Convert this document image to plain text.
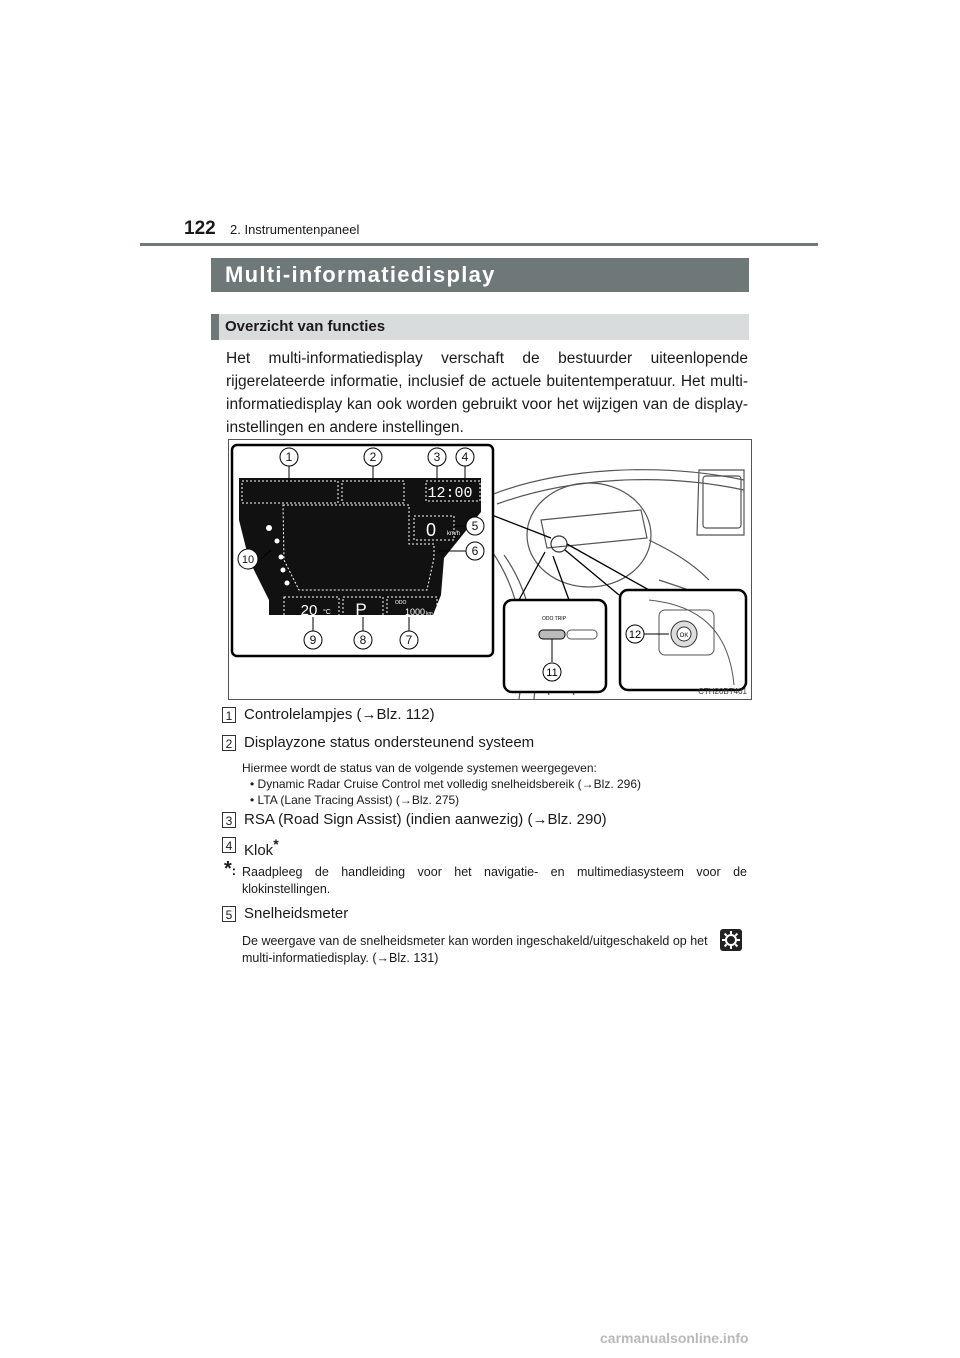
122 2. Instrumentenpaneel
Multi-informatiedisplay
Overzicht van functies
Het multi-informatiedisplay verschaft de bestuurder uiteenlopende rijgerelateerde informatie, inclusief de actuele buitentemperatuur. Het multi-informatiedisplay kan ook worden gebruikt voor het wijzigen van de display-instellingen en andere instellingen.
12:00
0 km/h
20 °C P	ODO
1000 km
1	2	3 4
5
6
7
8
9
10
ODO TRIP
11
OK
12
CTH20BT401
1 Controlelampjes (→Blz. 112)
2 Displayzone status ondersteunend systeem
Hiermee wordt de status van de volgende systemen weergegeven:
• Dynamic Radar Cruise Control met volledig snelheidsbereik (→Blz. 296)
• LTA (Lane Tracing Assist) (→Blz. 275)
3 RSA (Road Sign Assist) (indien aanwezig) (→Blz. 290)
4 Klok*
*: Raadpleeg de handleiding voor het navigatie- en multimediasysteem voor de klokinstellingen.
5 Snelheidsmeter
De weergave van de snelheidsmeter kan worden ingeschakeld/uitgeschakeld op het multi-informatiedisplay. (→Blz. 131)
carmanualsonline.info
